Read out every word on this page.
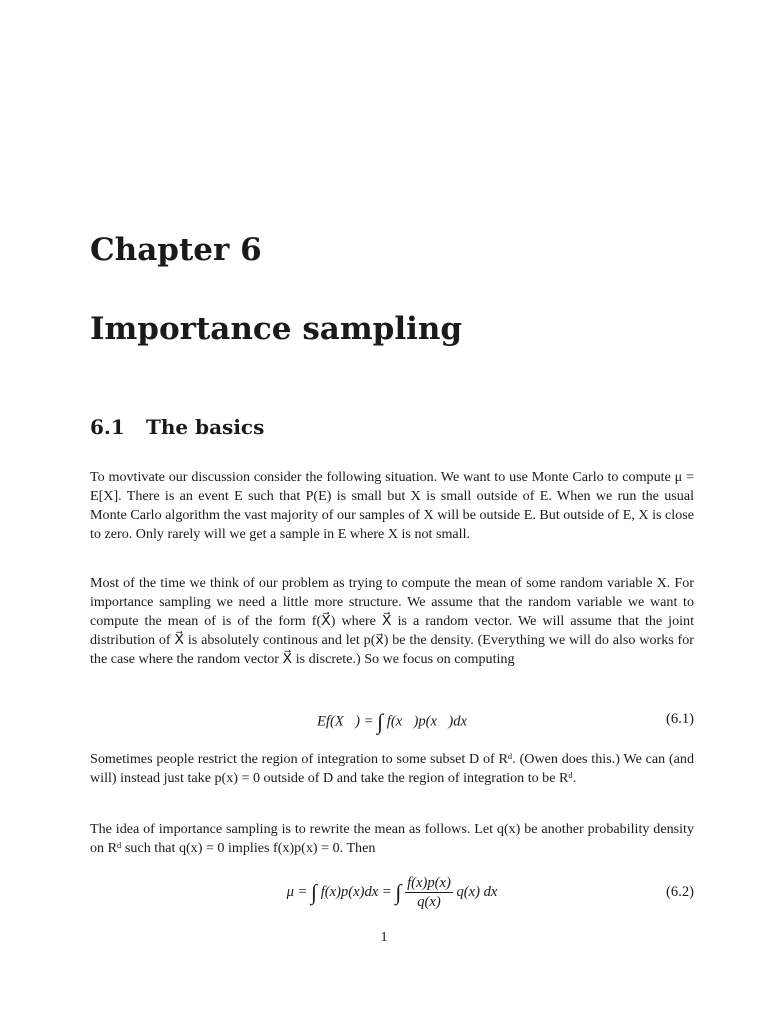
Chapter 6
Importance sampling
6.1 The basics

To movtivate our discussion consider the following situation. We want to use Monte Carlo to compute μ = E[X]. There is an event E such that P(E) is small but X is small outside of E. When we run the usual Monte Carlo algorithm the vast majority of our samples of X will be outside E. But outside of E, X is close to zero. Only rarely will we get a sample in E where X is not small.

Most of the time we think of our problem as trying to compute the mean of some random variable X. For importance sampling we need a little more structure. We assume that the random variable we want to compute the mean of is of the form f(X⃗) where X⃗ is a random vector. We will assume that the joint distribution of X⃗ is absolutely continous and let p(x⃗) be the density. (Everything we will do also works for the case where the random vector X⃗ is discrete.) So we focus on computing

Ef(X⃗) = ∫ f(x⃗)p(x⃗)dx	(6.1)

Sometimes people restrict the region of integration to some subset D of Rᵈ. (Owen does this.) We can (and will) instead just take p(x) = 0 outside of D and take the region of integration to be Rᵈ.

The idea of importance sampling is to rewrite the mean as follows. Let q(x) be another probability density on Rᵈ such that q(x) = 0 implies f(x)p(x) = 0. Then

μ = ∫ f(x)p(x)dx = ∫ $\frac{f(x)p(x)}{q(x)} q(x)$ dx	(6.2)
1
